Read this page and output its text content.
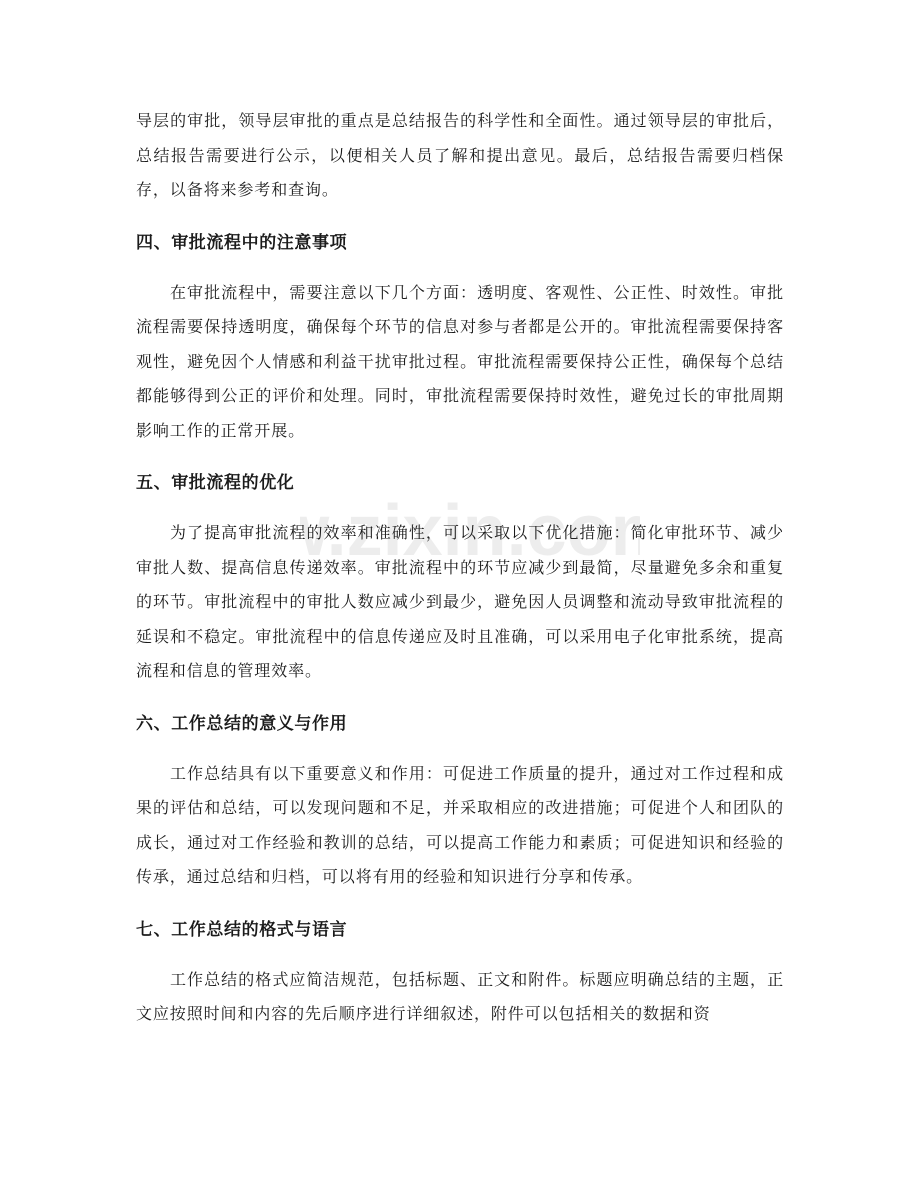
导层的审批，领导层审批的重点是总结报告的科学性和全面性。通过领导层的审批后，总结报告需要进行公示，以便相关人员了解和提出意见。最后，总结报告需要归档保存，以备将来参考和查询。

四、审批流程中的注意事项

在审批流程中，需要注意以下几个方面：透明度、客观性、公正性、时效性。审批流程需要保持透明度，确保每个环节的信息对参与者都是公开的。审批流程需要保持客观性，避免因个人情感和利益干扰审批过程。审批流程需要保持公正性，确保每个总结都能够得到公正的评价和处理。同时，审批流程需要保持时效性，避免过长的审批周期影响工作的正常开展。

五、审批流程的优化

为了提高审批流程的效率和准确性，可以采取以下优化措施：简化审批环节、减少审批人数、提高信息传递效率。审批流程中的环节应减少到最简，尽量避免多余和重复的环节。审批流程中的审批人数应减少到最少，避免因人员调整和流动导致审批流程的延误和不稳定。审批流程中的信息传递应及时且准确，可以采用电子化审批系统，提高流程和信息的管理效率。

六、工作总结的意义与作用

工作总结具有以下重要意义和作用：可促进工作质量的提升，通过对工作过程和成果的评估和总结，可以发现问题和不足，并采取相应的改进措施；可促进个人和团队的成长，通过对工作经验和教训的总结，可以提高工作能力和素质；可促进知识和经验的传承，通过总结和归档，可以将有用的经验和知识进行分享和传承。

七、工作总结的格式与语言

工作总结的格式应简洁规范，包括标题、正文和附件。标题应明确总结的主题，正文应按照时间和内容的先后顺序进行详细叙述，附件可以包括相关的数据和资

.zixin.co
